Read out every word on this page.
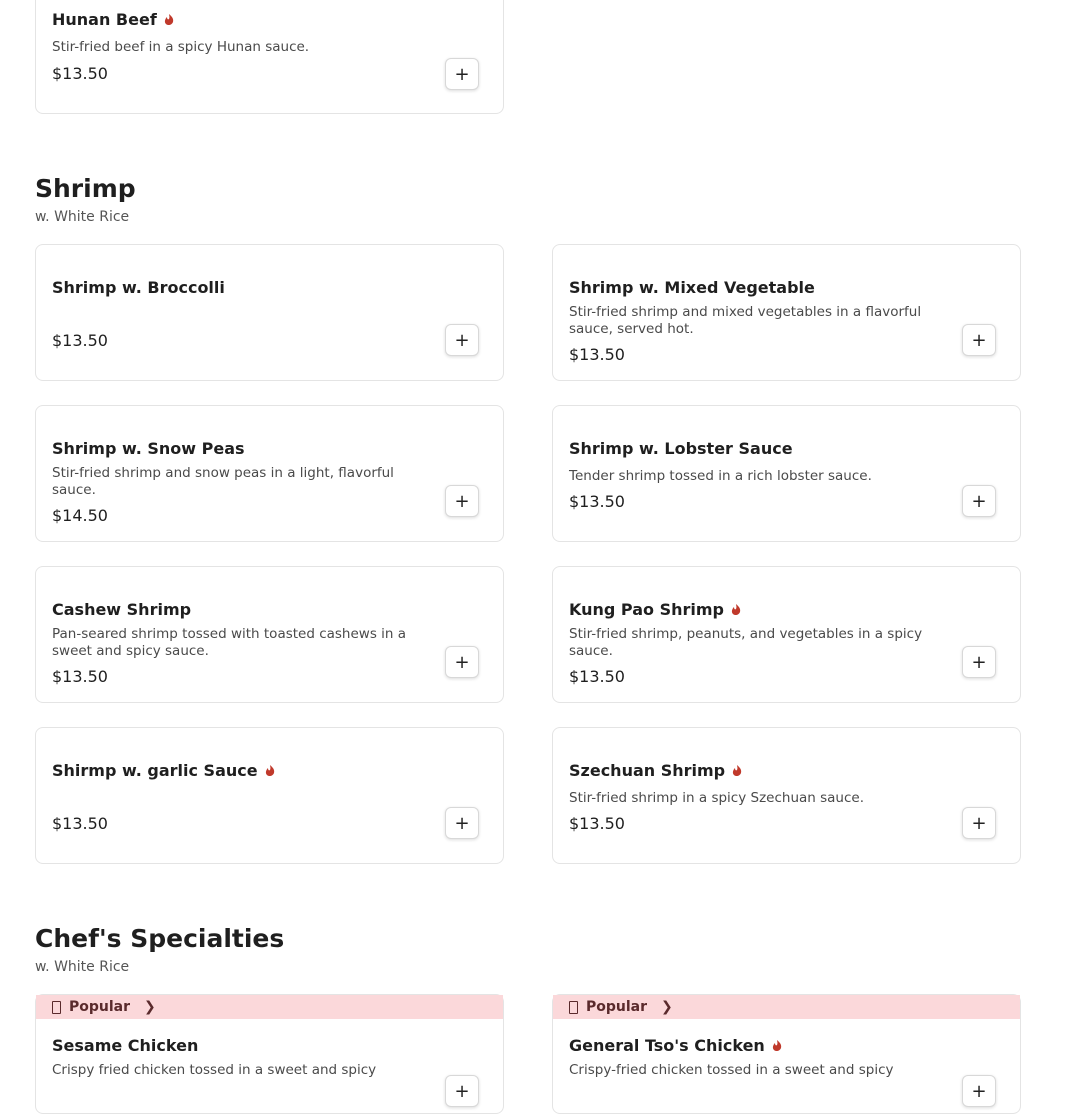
Hunan Beef
Stir-fried beef in a spicy Hunan sauce.
$13.50	+
Shrimp
w. White Rice
Shrimp w. Broccolli
$13.50	+
Shrimp w. Mixed Vegetable
Stir-fried shrimp and mixed vegetables in a flavorful sauce, served hot.
$13.50
+
Shrimp w. Snow Peas
Stir-fried shrimp and snow peas in a light, flavorful sauce.
$14.50
+
Shrimp w. Lobster Sauce
Tender shrimp tossed in a rich lobster sauce.
$13.50	+
Cashew Shrimp
Pan-seared shrimp tossed with toasted cashews in a sweet and spicy sauce.
$13.50
+
Kung Pao Shrimp
Stir-fried shrimp, peanuts, and vegetables in a spicy sauce.
$13.50
+
Shirmp w. garlic Sauce
$13.50	+
Szechuan Shrimp
Stir-fried shrimp in a spicy Szechuan sauce.
$13.50	+
Chef's Specialties
w. White Rice
Popular ❯
Sesame Chicken
Crispy fried chicken tossed in a sweet and spicy
+
Popular ❯
General Tso's Chicken
Crispy-fried chicken tossed in a sweet and spicy
+
